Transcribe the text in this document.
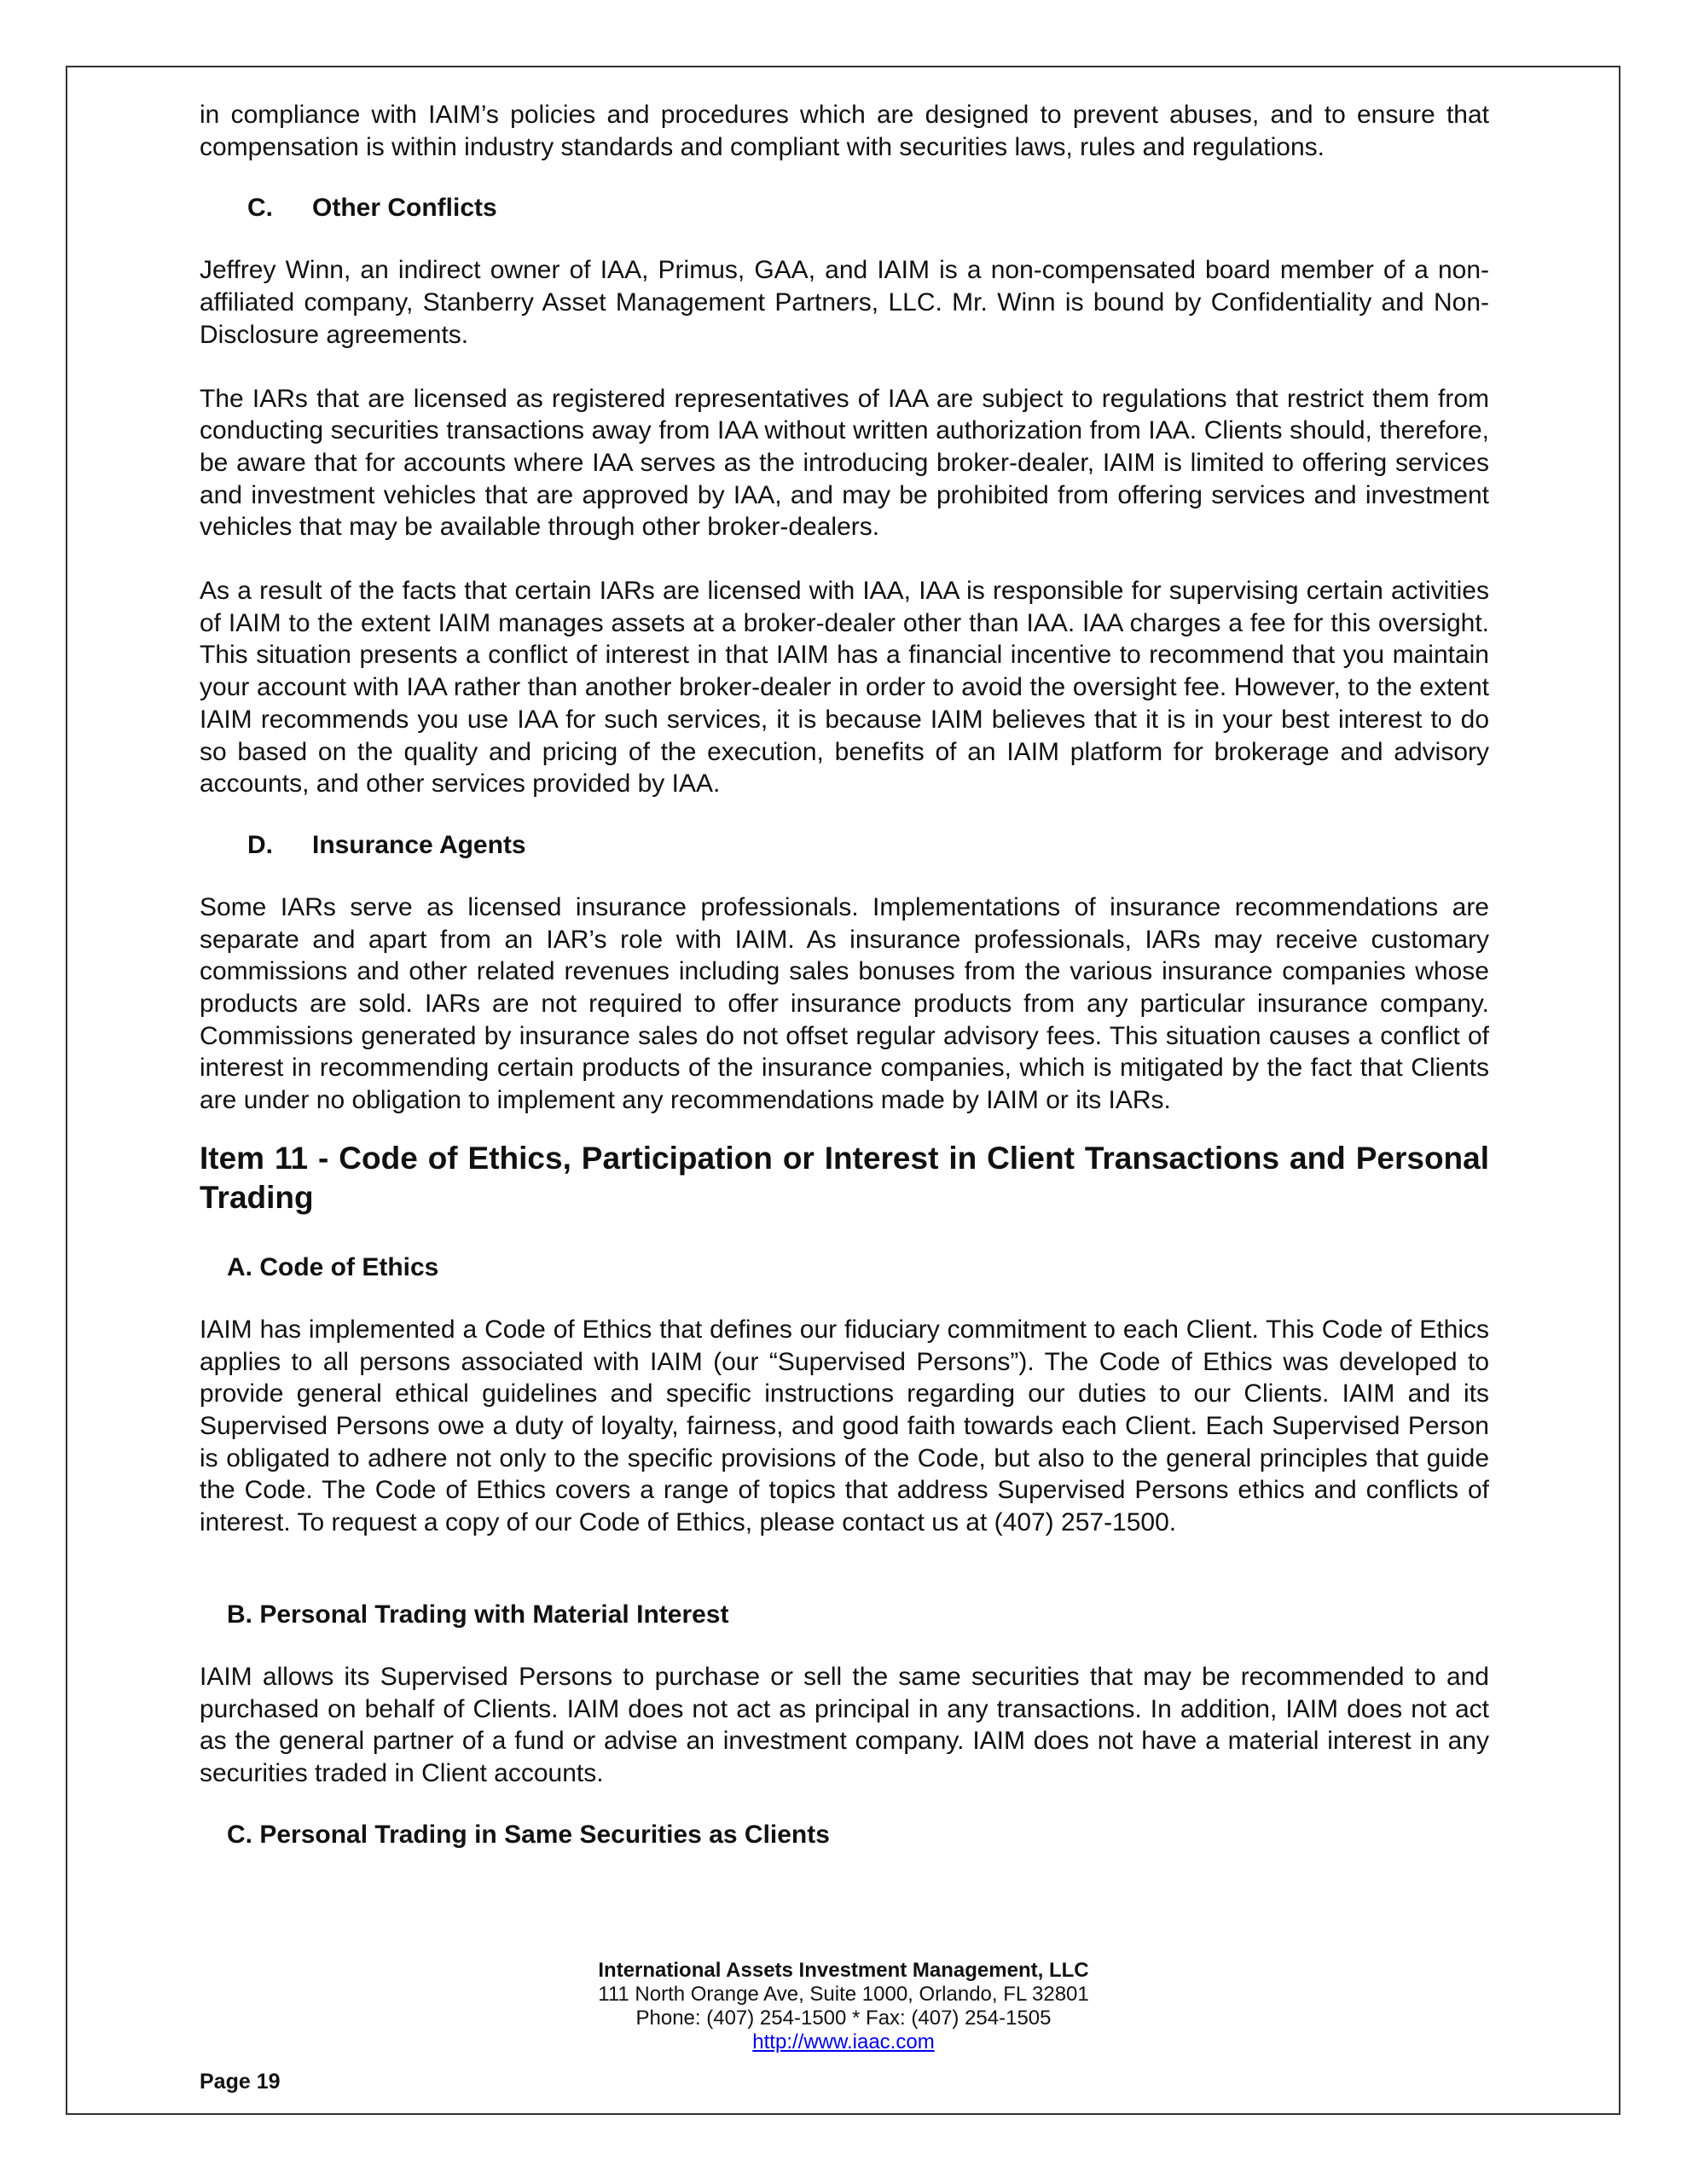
in compliance with IAIM’s policies and procedures which are designed to prevent abuses, and to ensure that compensation is within industry standards and compliant with securities laws, rules and regulations.

C. Other Conflicts

Jeffrey Winn, an indirect owner of IAA, Primus, GAA, and IAIM is a non-compensated board member of a non-affiliated company, Stanberry Asset Management Partners, LLC. Mr. Winn is bound by Confidentiality and Non-Disclosure agreements.

The IARs that are licensed as registered representatives of IAA are subject to regulations that restrict them from conducting securities transactions away from IAA without written authorization from IAA. Clients should, therefore, be aware that for accounts where IAA serves as the introducing broker-dealer, IAIM is limited to offering services and investment vehicles that are approved by IAA, and may be prohibited from offering services and investment vehicles that may be available through other broker-dealers.

As a result of the facts that certain IARs are licensed with IAA, IAA is responsible for supervising certain activities of IAIM to the extent IAIM manages assets at a broker-dealer other than IAA. IAA charges a fee for this oversight. This situation presents a conflict of interest in that IAIM has a financial incentive to recommend that you maintain your account with IAA rather than another broker-dealer in order to avoid the oversight fee. However, to the extent IAIM recommends you use IAA for such services, it is because IAIM believes that it is in your best interest to do so based on the quality and pricing of the execution, benefits of an IAIM platform for brokerage and advisory accounts, and other services provided by IAA.

D. Insurance Agents

Some IARs serve as licensed insurance professionals. Implementations of insurance recommendations are separate and apart from an IAR’s role with IAIM. As insurance professionals, IARs may receive customary commissions and other related revenues including sales bonuses from the various insurance companies whose products are sold. IARs are not required to offer insurance products from any particular insurance company. Commissions generated by insurance sales do not offset regular advisory fees. This situation causes a conflict of interest in recommending certain products of the insurance companies, which is mitigated by the fact that Clients are under no obligation to implement any recommendations made by IAIM or its IARs.

Item 11 - Code of Ethics, Participation or Interest in Client Transactions and Personal Trading

A. Code of Ethics

IAIM has implemented a Code of Ethics that defines our fiduciary commitment to each Client. This Code of Ethics applies to all persons associated with IAIM (our “Supervised Persons”). The Code of Ethics was developed to provide general ethical guidelines and specific instructions regarding our duties to our Clients. IAIM and its Supervised Persons owe a duty of loyalty, fairness, and good faith towards each Client. Each Supervised Person is obligated to adhere not only to the specific provisions of the Code, but also to the general principles that guide the Code. The Code of Ethics covers a range of topics that address Supervised Persons ethics and conflicts of interest. To request a copy of our Code of Ethics, please contact us at (407) 257-1500.

B. Personal Trading with Material Interest

IAIM allows its Supervised Persons to purchase or sell the same securities that may be recommended to and purchased on behalf of Clients. IAIM does not act as principal in any transactions. In addition, IAIM does not act as the general partner of a fund or advise an investment company. IAIM does not have a material interest in any securities traded in Client accounts.

C. Personal Trading in Same Securities as Clients

International Assets Investment Management, LLC
111 North Orange Ave, Suite 1000, Orlando, FL 32801
Phone: (407) 254-1500 * Fax: (407) 254-1505
http://www.iaac.com
Page 19
